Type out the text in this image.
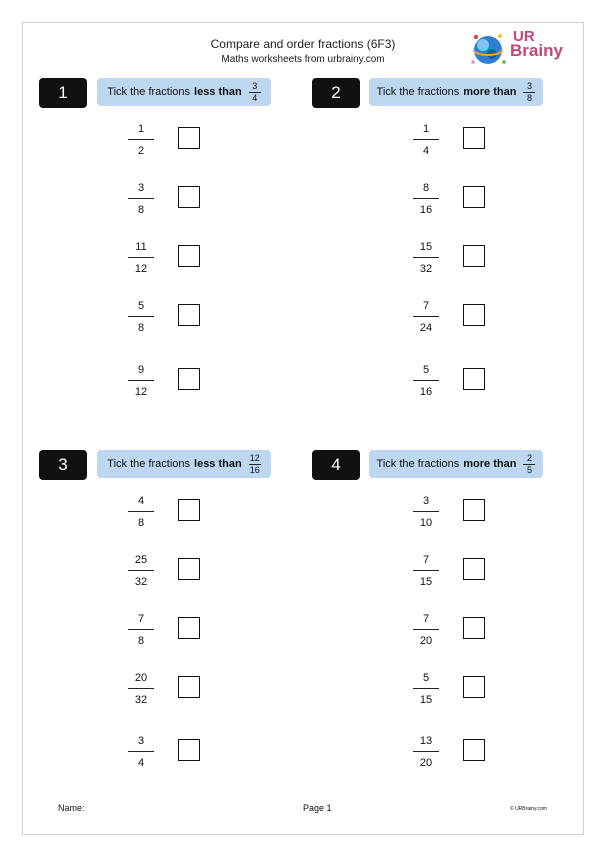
Compare and order fractions (6F3)
Maths worksheets from urbrainy.com
UR
Brainy
1	Tick the fractions less than $\frac{3}{4}$	2	Tick the fractions more than $\frac{3}{8}$
3	Tick the fractions less than $\frac{12}{16}$	4	Tick the fractions more than $\frac{2}{5}$
1
2
3
8
11
12
5
8
9
12
1
4
8
16
15
32
7
24
5
16
4
8
25
32
7
8
20
32
3
4
3
10
7
15
7
20
5
15
13
20
Name:	Page 1	© URBrainy.com
